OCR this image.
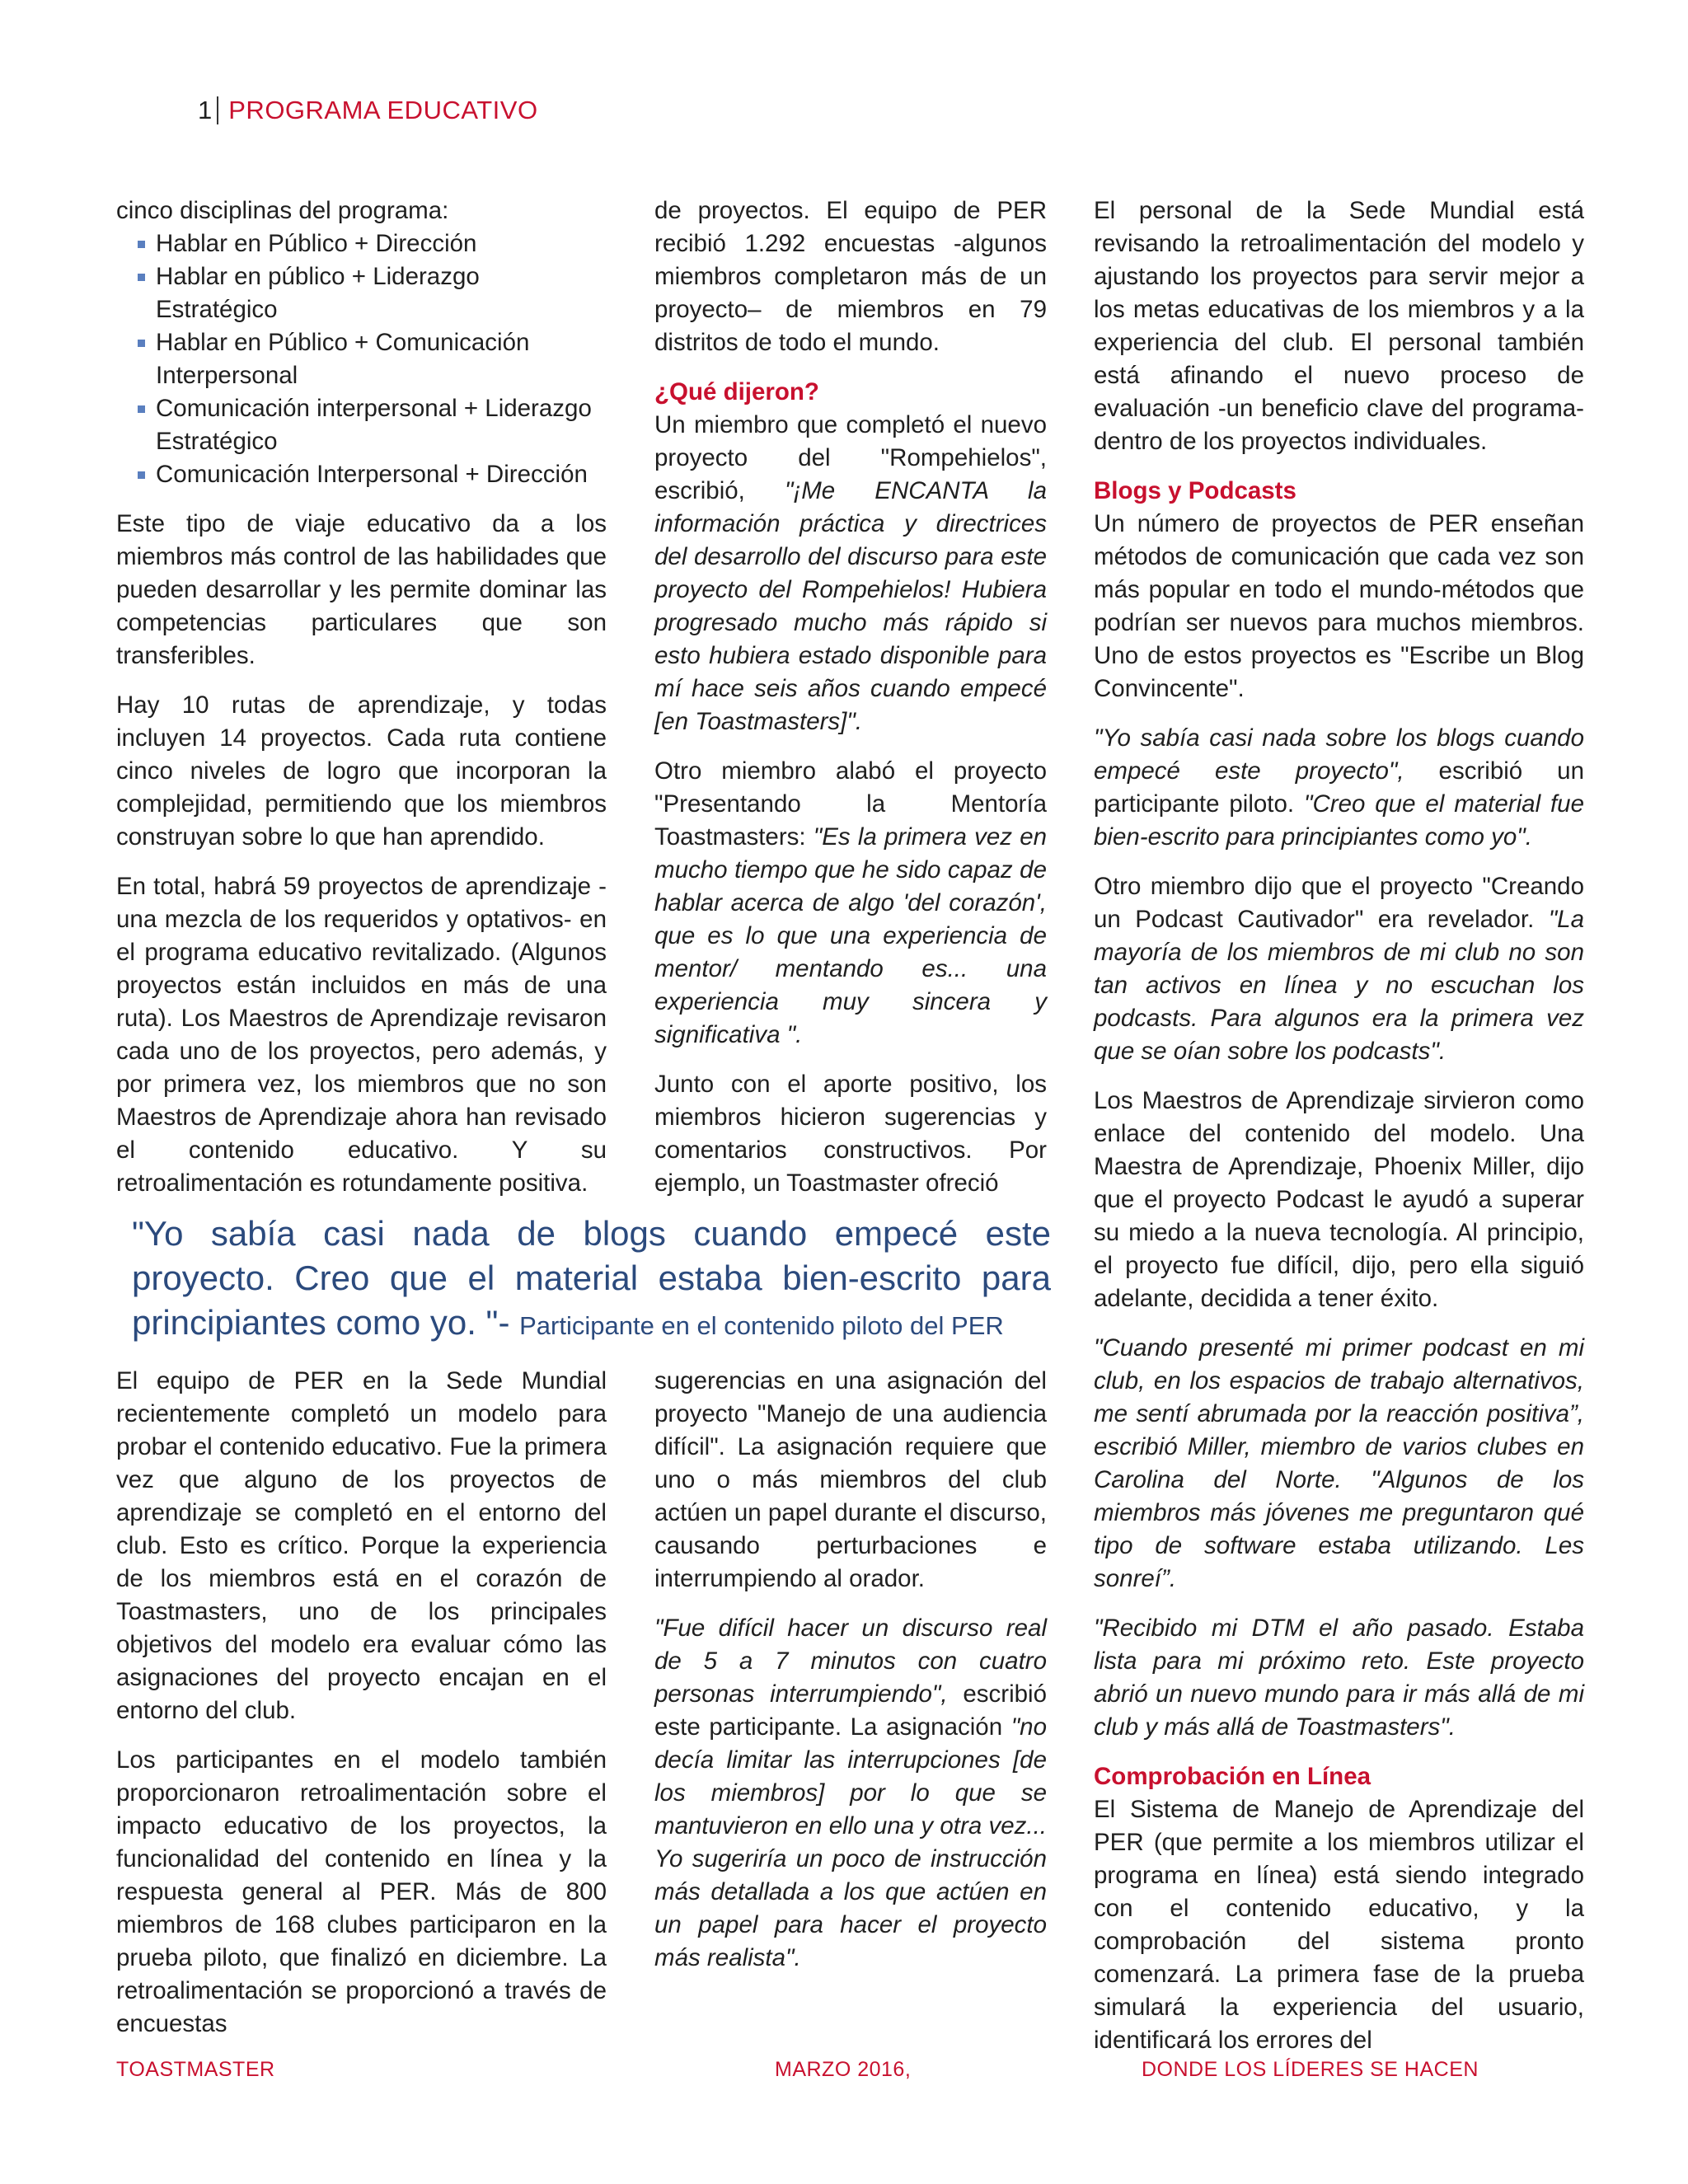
1 PROGRAMA EDUCATIVO

cinco disciplinas del programa:

Hablar en Público + Dirección
Hablar en público + Liderazgo Estratégico
Hablar en Público + Comunicación Interpersonal
Comunicación interpersonal + Liderazgo Estratégico
Comunicación Interpersonal + Dirección

Este tipo de viaje educativo da a los miembros más control de las habilidades que pueden desarrollar y les permite dominar las competencias particulares que son transferibles.

Hay 10 rutas de aprendizaje, y todas incluyen 14 proyectos. Cada ruta contiene cinco niveles de logro que incorporan la complejidad, permitiendo que los miembros construyan sobre lo que han aprendido.

En total, habrá 59 proyectos de aprendizaje -una mezcla de los requeridos y optativos- en el programa educativo revitalizado. (Algunos proyectos están incluidos en más de una ruta). Los Maestros de Aprendizaje revisaron cada uno de los proyectos, pero además, y por primera vez, los miembros que no son Maestros de Aprendizaje ahora han revisado el contenido educativo. Y su retroalimentación es rotundamente positiva.

de proyectos. El equipo de PER recibió 1.292 encuestas -algunos miembros completaron más de un proyecto– de miembros en 79 distritos de todo el mundo.

¿Qué dijeron?

Un miembro que completó el nuevo proyecto del "Rompehielos", escribió, "¡Me ENCANTA la información práctica y directrices del desarrollo del discurso para este proyecto del Rompehielos! Hubiera progresado mucho más rápido si esto hubiera estado disponible para mí hace seis años cuando empecé [en Toastmasters]".

Otro miembro alabó el proyecto "Presentando la Mentoría Toastmasters: "Es la primera vez en mucho tiempo que he sido capaz de hablar acerca de algo 'del corazón', que es lo que una experiencia de mentor/ mentando es... una experiencia muy sincera y significativa ".

Junto con el aporte positivo, los miembros hicieron sugerencias y comentarios constructivos. Por ejemplo, un Toastmaster ofreció

"Yo sabía casi nada de blogs cuando empecé este proyecto. Creo que el material estaba bien-escrito para principiantes como yo. "- Participante en el contenido piloto del PER

El equipo de PER en la Sede Mundial recientemente completó un modelo para probar el contenido educativo. Fue la primera vez que alguno de los proyectos de aprendizaje se completó en el entorno del club. Esto es crítico. Porque la experiencia de los miembros está en el corazón de Toastmasters, uno de los principales objetivos del modelo era evaluar cómo las asignaciones del proyecto encajan en el entorno del club.

Los participantes en el modelo también proporcionaron retroalimentación sobre el impacto educativo de los proyectos, la funcionalidad del contenido en línea y la respuesta general al PER. Más de 800 miembros de 168 clubes participaron en la prueba piloto, que finalizó en diciembre. La retroalimentación se proporcionó a través de encuestas

sugerencias en una asignación del proyecto "Manejo de una audiencia difícil". La asignación requiere que uno o más miembros del club actúen un papel durante el discurso, causando perturbaciones e interrumpiendo al orador.

"Fue difícil hacer un discurso real de 5 a 7 minutos con cuatro personas interrumpiendo", escribió este participante. La asignación "no decía limitar las interrupciones [de los miembros] por lo que se mantuvieron en ello una y otra vez... Yo sugeriría un poco de instrucción más detallada a los que actúen en un papel para hacer el proyecto más realista".

El personal de la Sede Mundial está revisando la retroalimentación del modelo y ajustando los proyectos para servir mejor a los metas educativas de los miembros y a la experiencia del club. El personal también está afinando el nuevo proceso de evaluación -un beneficio clave del programa- dentro de los proyectos individuales.

Blogs y Podcasts

Un número de proyectos de PER enseñan métodos de comunicación que cada vez son más popular en todo el mundo-métodos que podrían ser nuevos para muchos miembros. Uno de estos proyectos es "Escribe un Blog Convincente".

"Yo sabía casi nada sobre los blogs cuando empecé este proyecto", escribió un participante piloto. "Creo que el material fue bien-escrito para principiantes como yo".

Otro miembro dijo que el proyecto "Creando un Podcast Cautivador" era revelador. "La mayoría de los miembros de mi club no son tan activos en línea y no escuchan los podcasts. Para algunos era la primera vez que se oían sobre los podcasts".

Los Maestros de Aprendizaje sirvieron como enlace del contenido del modelo. Una Maestra de Aprendizaje, Phoenix Miller, dijo que el proyecto Podcast le ayudó a superar su miedo a la nueva tecnología. Al principio, el proyecto fue difícil, dijo, pero ella siguió adelante, decidida a tener éxito.

"Cuando presenté mi primer podcast en mi club, en los espacios de trabajo alternativos, me sentí abrumada por la reacción positiva”, escribió Miller, miembro de varios clubes en Carolina del Norte. "Algunos de los miembros más jóvenes me preguntaron qué tipo de software estaba utilizando. Les sonreí”.

"Recibido mi DTM el año pasado. Estaba lista para mi próximo reto. Este proyecto abrió un nuevo mundo para ir más allá de mi club y más allá de Toastmasters".

Comprobación en Línea

El Sistema de Manejo de Aprendizaje del PER (que permite a los miembros utilizar el programa en línea) está siendo integrado con el contenido educativo, y la comprobación del sistema pronto comenzará. La primera fase de la prueba simulará la experiencia del usuario, identificará los errores del

TOASTMASTER	MARZO 2016,	DONDE LOS LÍDERES SE HACEN
